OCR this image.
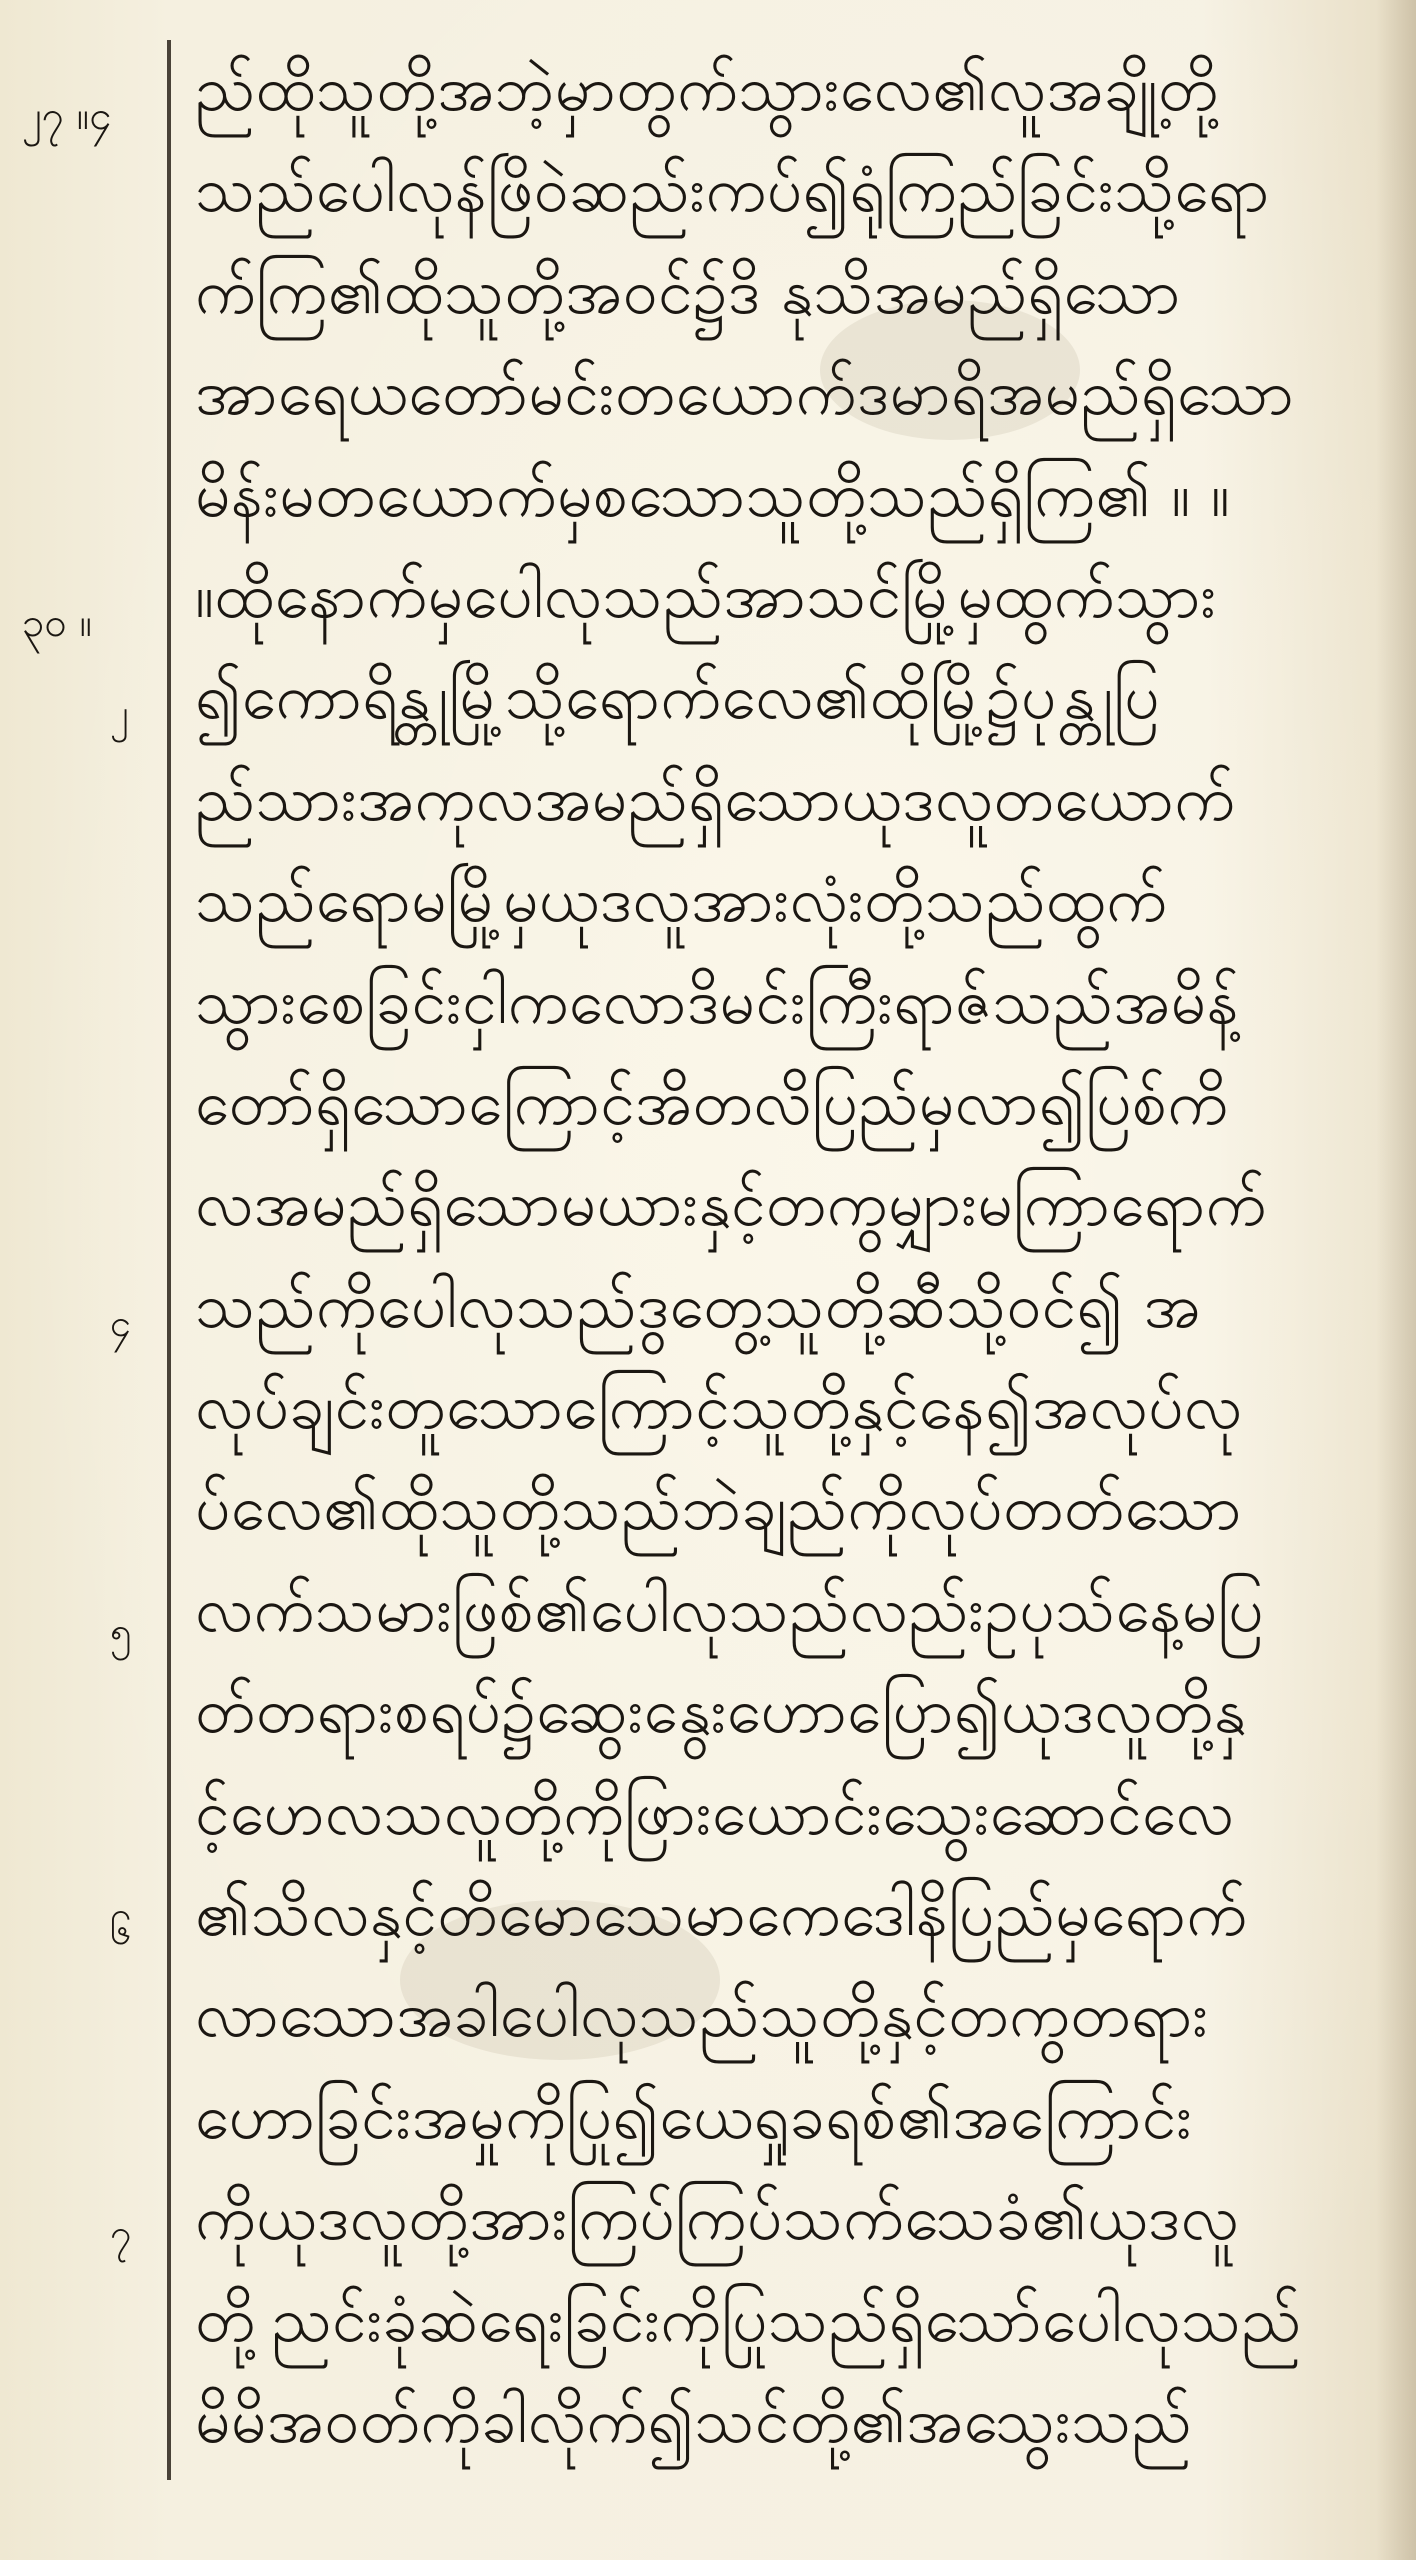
၂၇ ။၄
၃၀ ။
၂
၄
၅
၆
၇
ည်ထိုသူတို့အဘဲ့မှာတွက်သွားလေ၏လူအချို့တို့
သည်ပေါလုန်ဖြိဝဲဆည်းကပ်၍ရုံကြည်ခြင်းသို့ရော
က်ကြ၏ထိုသူတို့အဝင်၌ဒိ နုသိအမည်ရှိသော
အာရေယတော်မင်းတယောက်ဒမာရိအမည်ရှိသော
မိန်းမတယောက်မှစသောသူတို့သည်ရှိကြ၏ ။ ။
။ထိုနောက်မှပေါလုသည်အာသင်မြို့မှထွက်သွား
၍ကောရိန္တုမြို့သို့ရောက်လေ၏ထိုမြို့၌ပုန္တုပြ
ည်သားအကုလအမည်ရှိသောယုဒလူတယောက်
သည်ရောမမြို့မှယုဒလူအားလုံးတို့သည်ထွက်
သွားစေခြင်းငှါကလောဒိမင်းကြီးရာဇ်သည်အမိန့်
တော်ရှိသောကြောင့်အိတလိပြည်မှလာ၍ပြစ်ကိ
လအမည်ရှိသောမယားနှင့်တကွမျှားမကြာရောက်
သည်ကိုပေါလုသည်ဒွတွေ့သူတို့ဆီသို့ဝင်၍ အ
လုပ်ချင်းတူသောကြောင့်သူတို့နှင့်နေ၍အလုပ်လု
ပ်လေ၏ထိုသူတို့သည်ဘဲချည်ကိုလုပ်တတ်သော
လက်သမားဖြစ်၏ပေါလုသည်လည်းဥပုသ်နေ့မပြ
တ်တရားစရပ်၌ဆွေးနွေးဟောပြော၍ယုဒလူတို့နှ
င့်ဟေလသလူတို့ကိုဖြားယောင်းသွေးဆောင်လေ
၏သိလနှင့်တိမောသေမာကေဒေါနိပြည်မှရောက်
လာသောအခါပေါလုသည်သူတို့နှင့်တကွတရား
ဟောခြင်းအမှုကိုပြု၍ယေရှုခရစ်၏အကြောင်း
ကိုယုဒလူတို့အားကြပ်ကြပ်သက်သေခံ၏ယုဒလူ
တို့ညင်းခုံဆဲရေးခြင်းကိုပြုသည်ရှိသော်ပေါလုသည်
မိမိအဝတ်ကိုခါလိုက်၍သင်တို့၏အသွေးသည်
